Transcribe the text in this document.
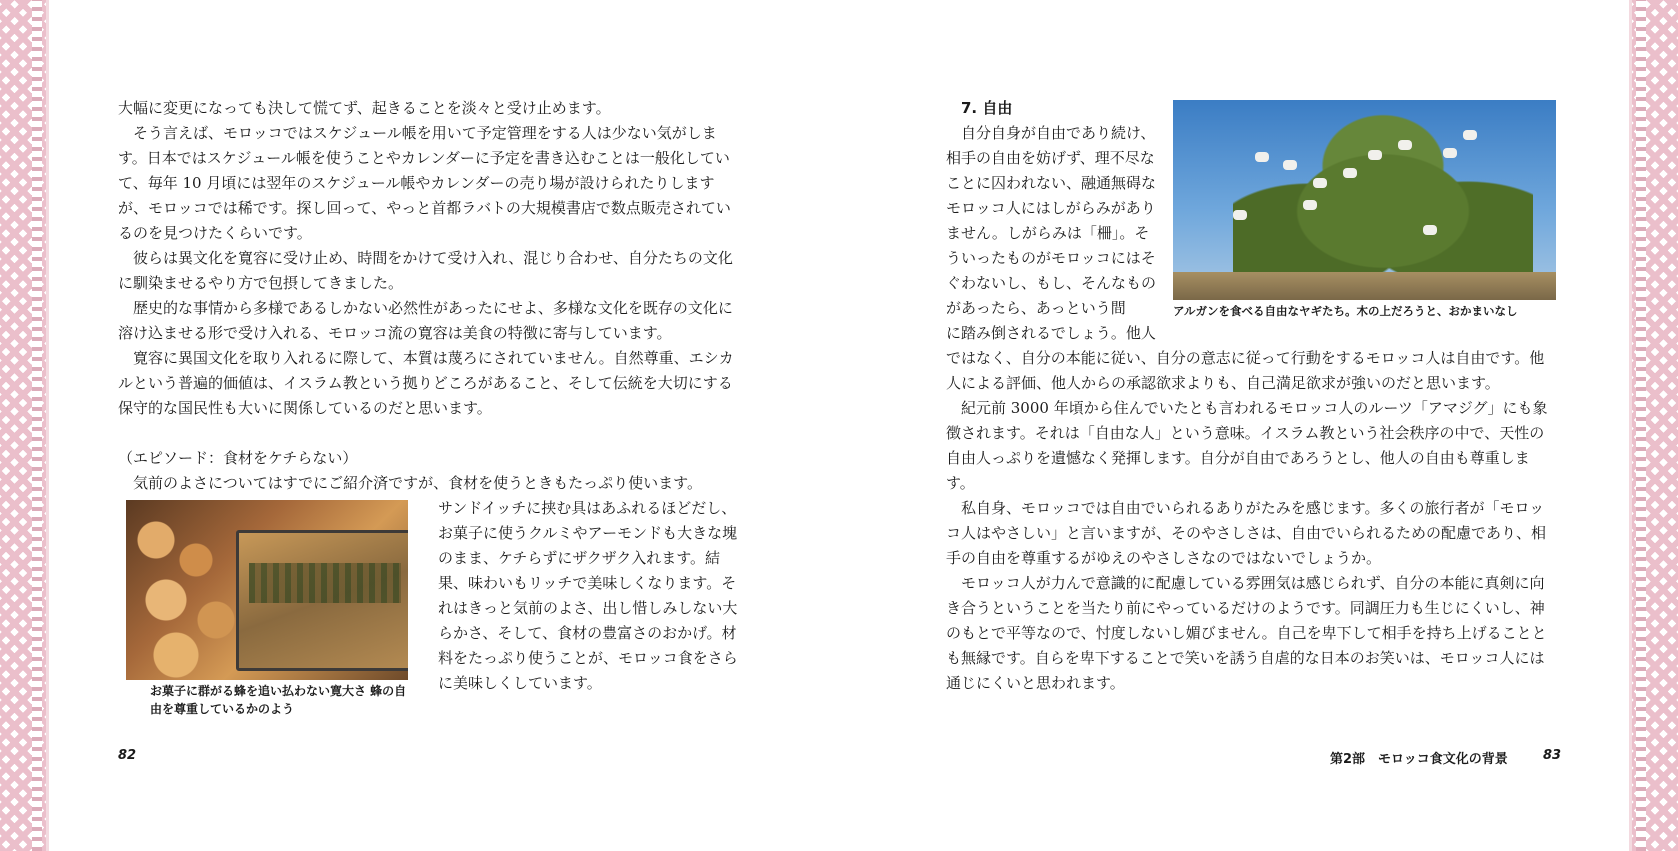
大幅に変更になっても決して慌てず、起きることを淡々と受け止めます。

そう言えば、モロッコではスケジュール帳を用いて予定管理をする人は少ない気がします。日本ではスケジュール帳を使うことやカレンダーに予定を書き込むことは一般化していて、毎年 10 月頃には翌年のスケジュール帳やカレンダーの売り場が設けられたりしますが、モロッコでは稀です。探し回って、やっと首都ラバトの大規模書店で数点販売されているのを見つけたくらいです。

彼らは異文化を寛容に受け止め、時間をかけて受け入れ、混じり合わせ、自分たちの文化に馴染ませるやり方で包摂してきました。

歴史的な事情から多様であるしかない必然性があったにせよ、多様な文化を既存の文化に溶け込ませる形で受け入れる、モロッコ流の寛容は美食の特徴に寄与しています。

寛容に異国文化を取り入れるに際して、本質は蔑ろにされていません。自然尊重、エシカルという普遍的価値は、イスラム教という拠りどころがあること、そして伝統を大切にする保守的な国民性も大いに関係しているのだと思います。

（エピソード：食材をケチらない）

気前のよさについてはすでにご紹介済ですが、食材を使うときもたっぷり使います。

お菓子に群がる蜂を追い払わない寛大さ 蜂の自由を尊重しているかのよう

サンドイッチに挟む具はあふれるほどだし、お菓子に使うクルミやアーモンドも大きな塊のまま、ケチらずにザクザク入れます。結果、味わいもリッチで美味しくなります。それはきっと気前のよさ、出し惜しみしない大らかさ、そして、食材の豊富さのおかげ。材料をたっぷり使うことが、モロッコ食をさらに美味しくしています。

アルガンを食べる自由なヤギたち。木の上だろうと、おかまいなし

7. 自由

自分自身が自由であり続け、相手の自由を妨げず、理不尽なことに囚われない、融通無碍なモロッコ人にはしがらみがありません。しがらみは「柵」。そういったものがモロッコにはそぐわないし、もし、そんなものがあったら、あっという間

に踏み倒されるでしょう。他人ではなく、自分の本能に従い、自分の意志に従って行動をするモロッコ人は自由です。他人による評価、他人からの承認欲求よりも、自己満足欲求が強いのだと思います。

紀元前 3000 年頃から住んでいたとも言われるモロッコ人のルーツ「アマジグ」にも象徴されます。それは「自由な人」という意味。イスラム教という社会秩序の中で、天性の自由人っぷりを遺憾なく発揮します。自分が自由であろうとし、他人の自由も尊重します。

私自身、モロッコでは自由でいられるありがたみを感じます。多くの旅行者が「モロッコ人はやさしい」と言いますが、そのやさしさは、自由でいられるための配慮であり、相手の自由を尊重するがゆえのやさしさなのではないでしょうか。

モロッコ人が力んで意識的に配慮している雰囲気は感じられず、自分の本能に真剣に向き合うということを当たり前にやっているだけのようです。同調圧力も生じにくいし、神のもとで平等なので、忖度しないし媚びません。自己を卑下して相手を持ち上げることとも無縁です。自らを卑下することで笑いを誘う自虐的な日本のお笑いは、モロッコ人には通じにくいと思われます。

82	第2部　モロッコ食文化の背景	83
